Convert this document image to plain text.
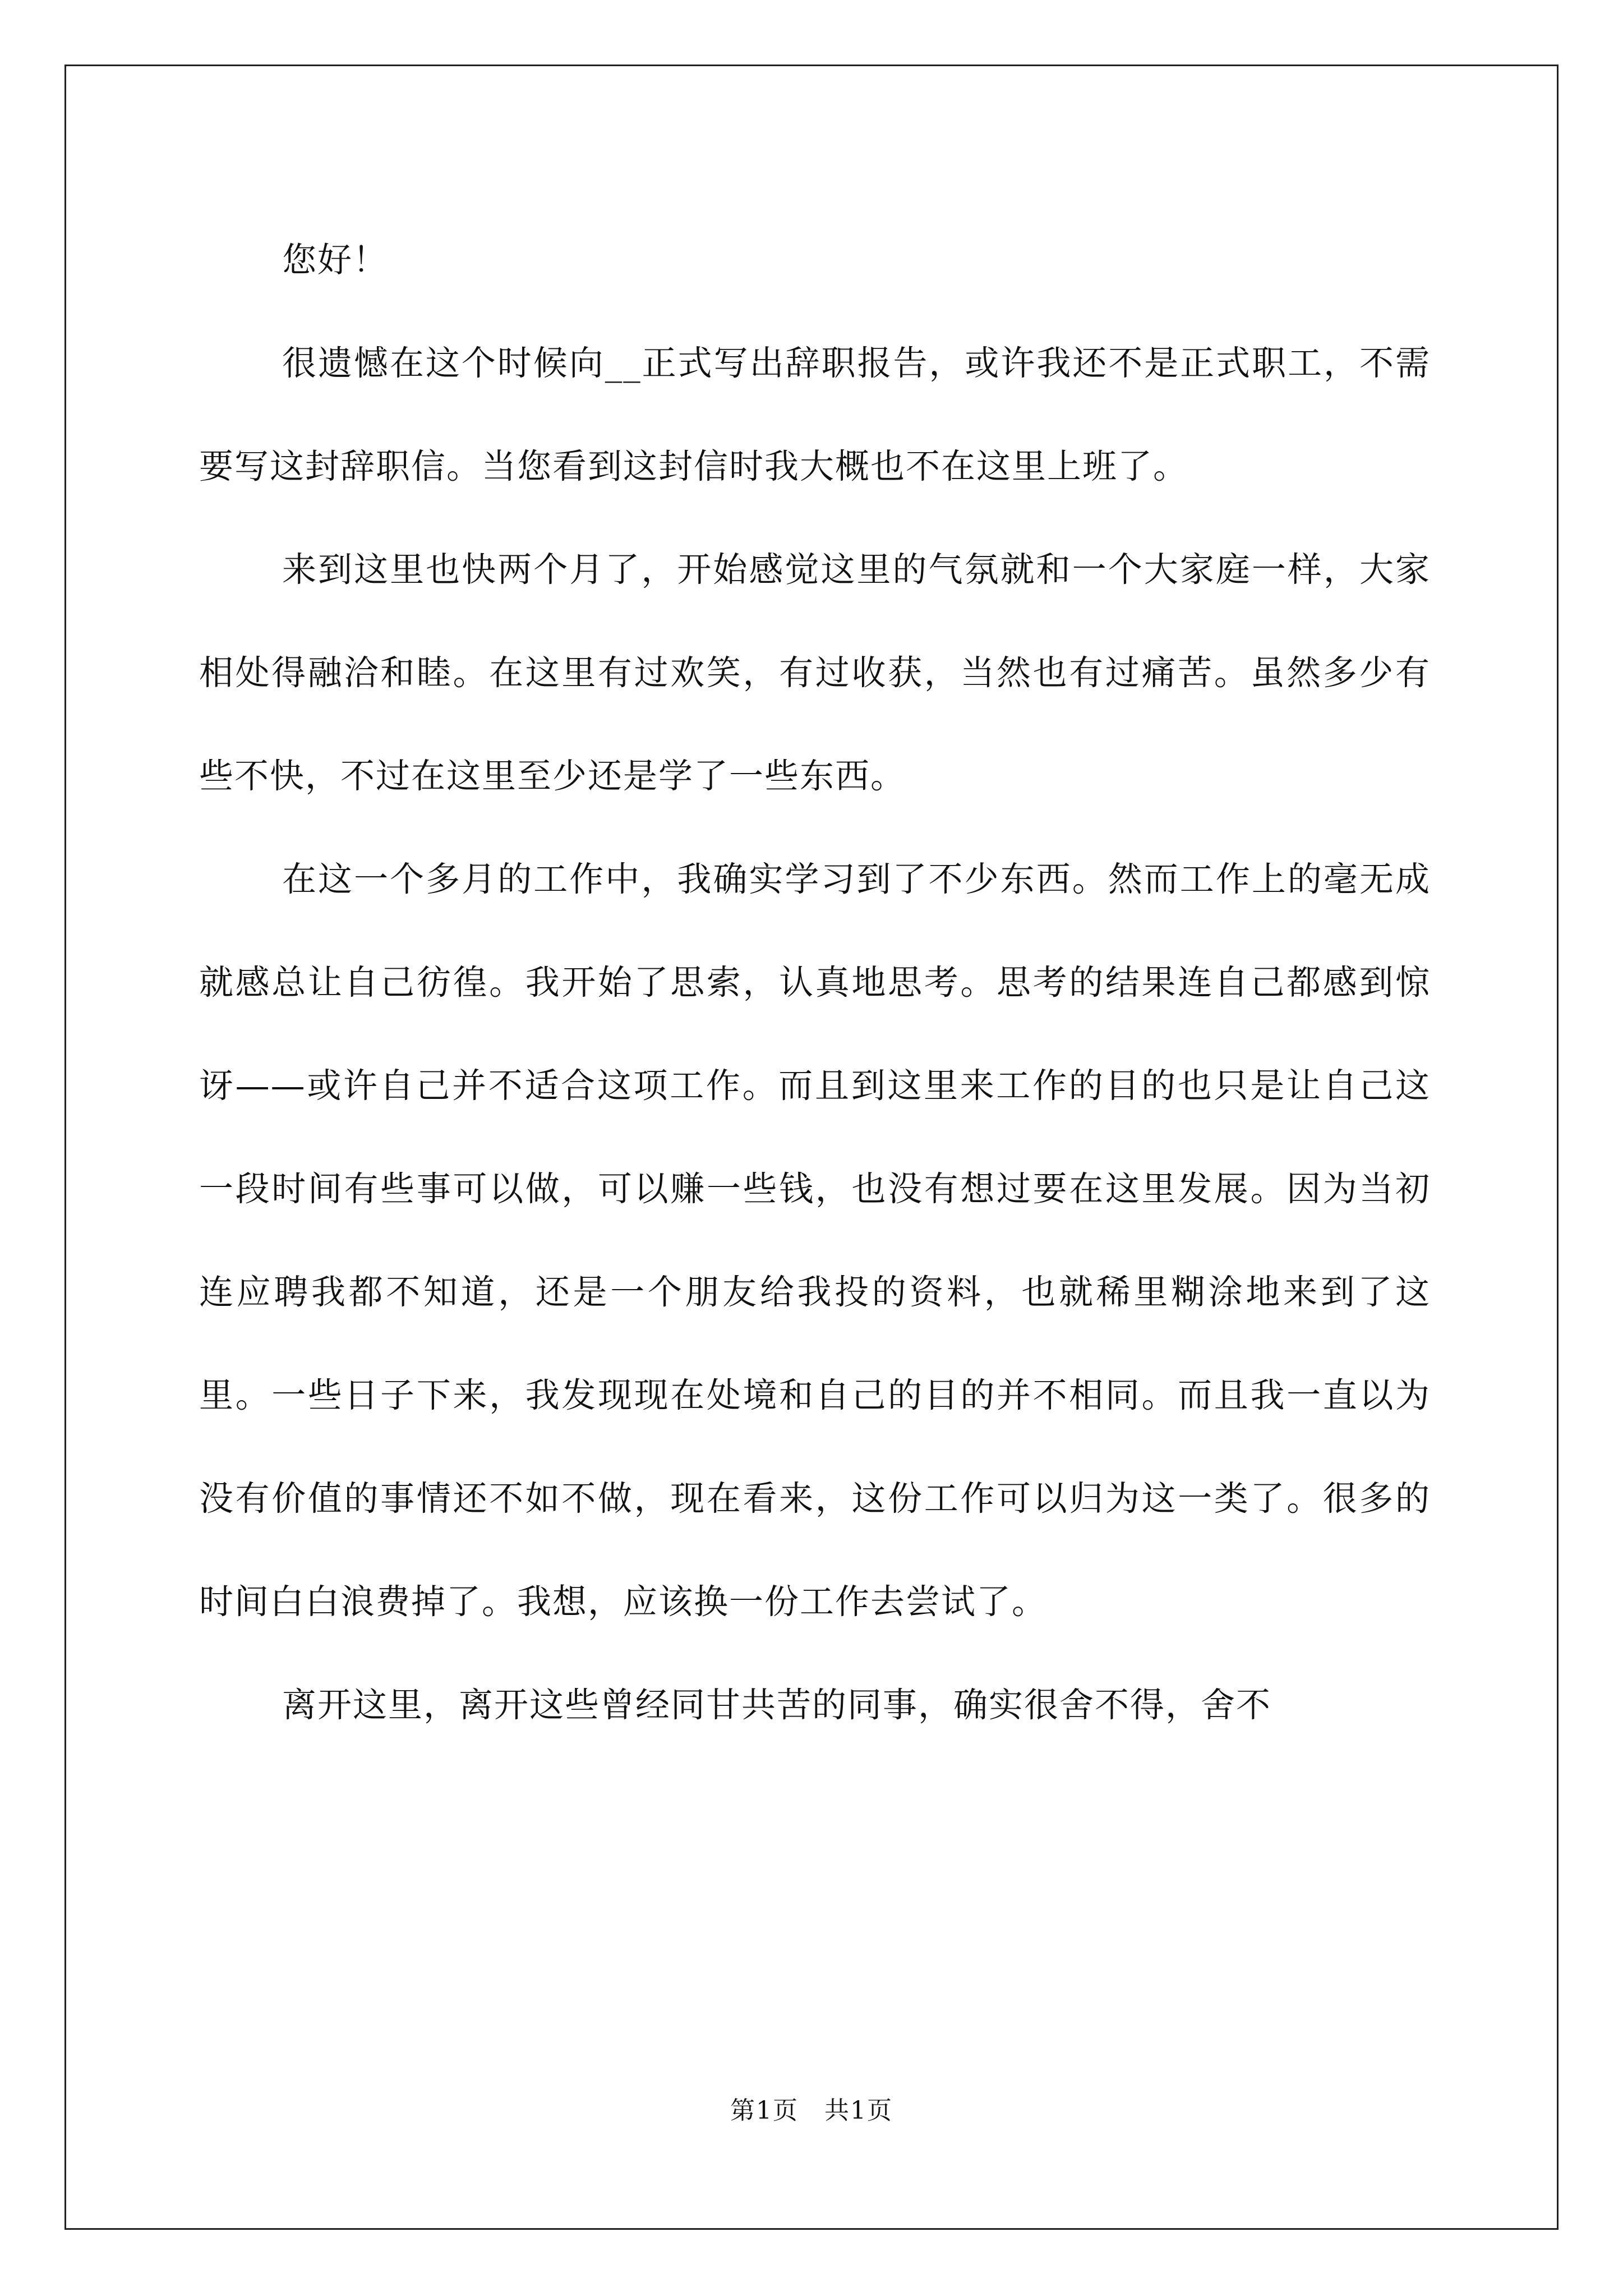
您好！

很遗憾在这个时候向__正式写出辞职报告，或许我还不是正式职工，不需要写这封辞职信。当您看到这封信时我大概也不在这里上班了。

来到这里也快两个月了，开始感觉这里的气氛就和一个大家庭一样，大家相处得融洽和睦。在这里有过欢笑，有过收获，当然也有过痛苦。虽然多少有些不快，不过在这里至少还是学了一些东西。

在这一个多月的工作中，我确实学习到了不少东西。然而工作上的毫无成就感总让自己彷徨。我开始了思索，认真地思考。思考的结果连自己都感到惊讶——或许自己并不适合这项工作。而且到这里来工作的目的也只是让自己这一段时间有些事可以做，可以赚一些钱，也没有想过要在这里发展。因为当初连应聘我都不知道，还是一个朋友给我投的资料，也就稀里糊涂地来到了这里。一些日子下来，我发现现在处境和自己的目的并不相同。而且我一直以为没有价值的事情还不如不做，现在看来，这份工作可以归为这一类了。很多的时间白白浪费掉了。我想，应该换一份工作去尝试了。

离开这里，离开这些曾经同甘共苦的同事，确实很舍不得，舍不

第1页　共1页
